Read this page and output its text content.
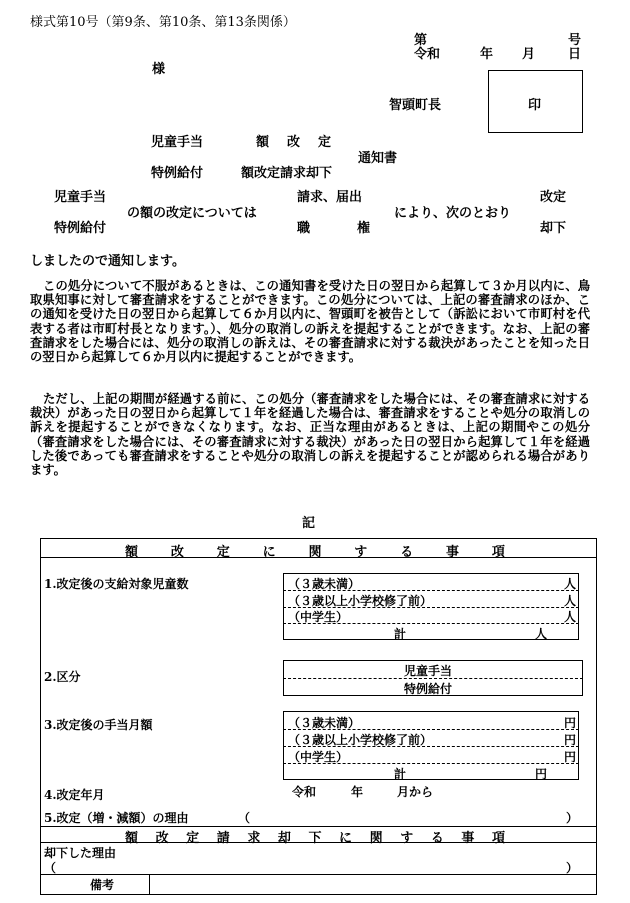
様式第10号（第9条、第10条、第13条関係）
第	号
令和	年 月	日
様
智頭町長	印
児童手当
特例給付
額 改 定
額改定請求却下
通知書
児童手当
特例給付
の額の改定については
請求、届出
職	権
により、次のとおり
改定
却下
しましたので通知します。
この処分について不服があるときは、この通知書を受けた日の翌日から起算して３か月以内に、鳥取県知事に対して審査請求をすることができます。この処分については、上記の審査請求のほか、この通知を受けた日の翌日から起算して６か月以内に、智頭町を被告として（訴訟において市町村を代表する者は市町村長となります。）、処分の取消しの訴えを提起することができます。なお、上記の審査請求をした場合には、処分の取消しの訴えは、その審査請求に対する裁決があったことを知った日の翌日から起算して６か月以内に提起することができます。
ただし、上記の期間が経過する前に、この処分（審査請求をした場合には、その審査請求に対する裁決）があった日の翌日から起算して１年を経過した場合は、審査請求をすることや処分の取消しの訴えを提起することができなくなります。なお、正当な理由があるときは、上記の期間やこの処分（審査請求をした場合には、その審査請求に対する裁決）があった日の翌日から起算して１年を経過した後であっても審査請求をすることや処分の取消しの訴えを提起することが認められる場合があります。
記
額	改	定	に	関	す	る	事	項
1.改定後の支給対象児童数	（３歳未満）	人
（３歳以上小学校修了前）	人
（中学生）	人
計	人
2.区分	児童手当
特例給付
3.改定後の手当月額	（３歳未満）	円
（３歳以上小学校修了前）	円
（中学生）	円
計	円
4.改定年月	令和	年	月から
5.改定（増・減額）の理由	（	）
額 改 定 請 求 却 下 に 関 す る 事 項
却下した理由
（	）
備考
